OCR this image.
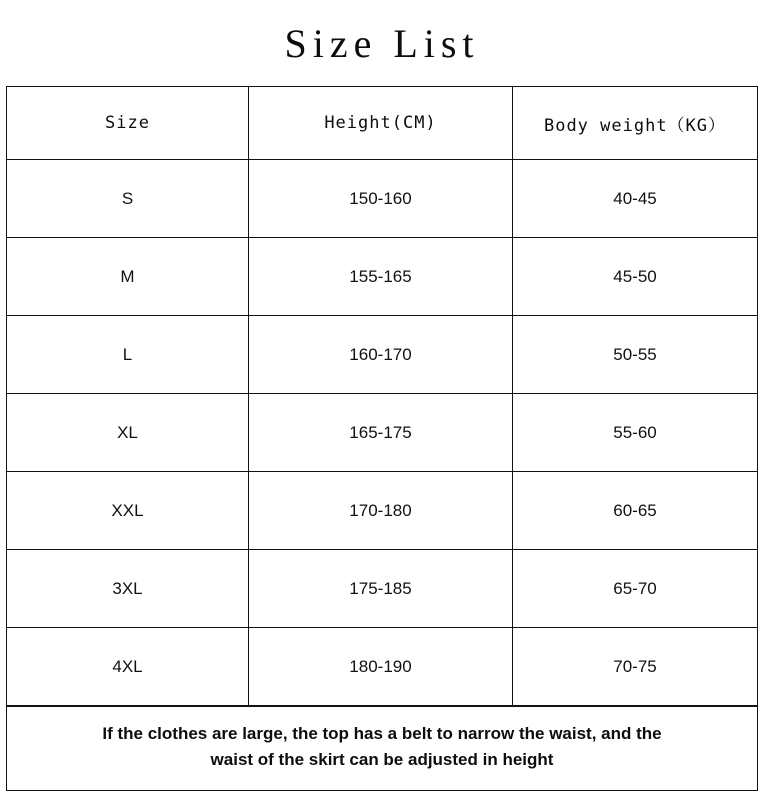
Size List
Size	Height(CM)	Body weight（KG）
S	150-160	40-45
M	155-165	45-50
L	160-170	50-55
XL	165-175	55-60
XXL	170-180	60-65
3XL	175-185	65-70
4XL	180-190	70-75
If the clothes are large, the top has a belt to narrow the waist, and the
waist of the skirt can be adjusted in height
